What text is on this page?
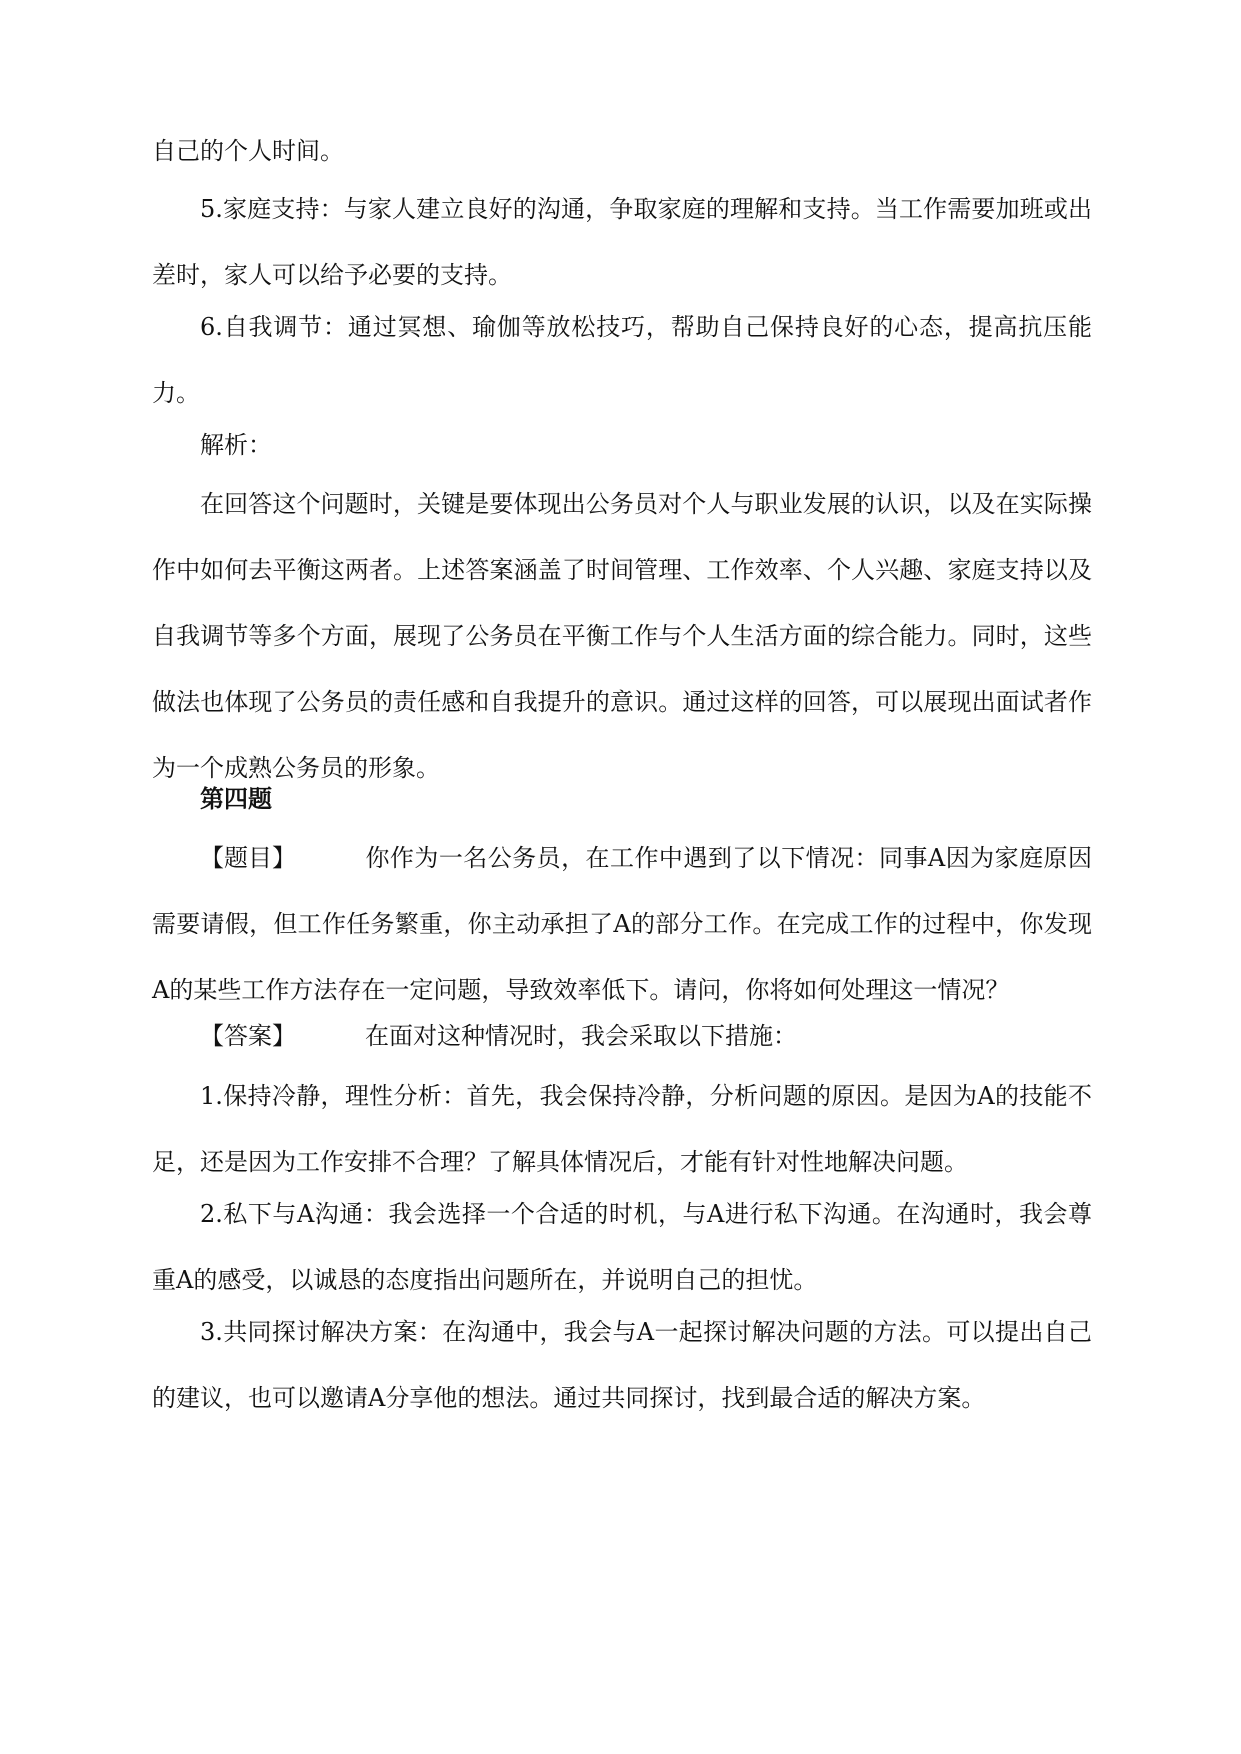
自己的个人时间。

5.家庭支持：与家人建立良好的沟通，争取家庭的理解和支持。当工作需要加班或出差时，家人可以给予必要的支持。

6.自我调节：通过冥想、瑜伽等放松技巧，帮助自己保持良好的心态，提高抗压能力。

解析：

在回答这个问题时，关键是要体现出公务员对个人与职业发展的认识，以及在实际操作中如何去平衡这两者。上述答案涵盖了时间管理、工作效率、个人兴趣、家庭支持以及自我调节等多个方面，展现了公务员在平衡工作与个人生活方面的综合能力。同时，这些做法也体现了公务员的责任感和自我提升的意识。通过这样的回答，可以展现出面试者作为一个成熟公务员的形象。

第四题

【题目】	你作为一名公务员，在工作中遇到了以下情况：同事A因为家庭原因需要请假，但工作任务繁重，你主动承担了A的部分工作。在完成工作的过程中，你发现A的某些工作方法存在一定问题，导致效率低下。请问，你将如何处理这一情况？

【答案】	在面对这种情况时，我会采取以下措施：

1.保持冷静，理性分析：首先，我会保持冷静，分析问题的原因。是因为A的技能不足，还是因为工作安排不合理？了解具体情况后，才能有针对性地解决问题。

2.私下与A沟通：我会选择一个合适的时机，与A进行私下沟通。在沟通时，我会尊重A的感受，以诚恳的态度指出问题所在，并说明自己的担忧。

3.共同探讨解决方案：在沟通中，我会与A一起探讨解决问题的方法。可以提出自己的建议，也可以邀请A分享他的想法。通过共同探讨，找到最合适的解决方案。
